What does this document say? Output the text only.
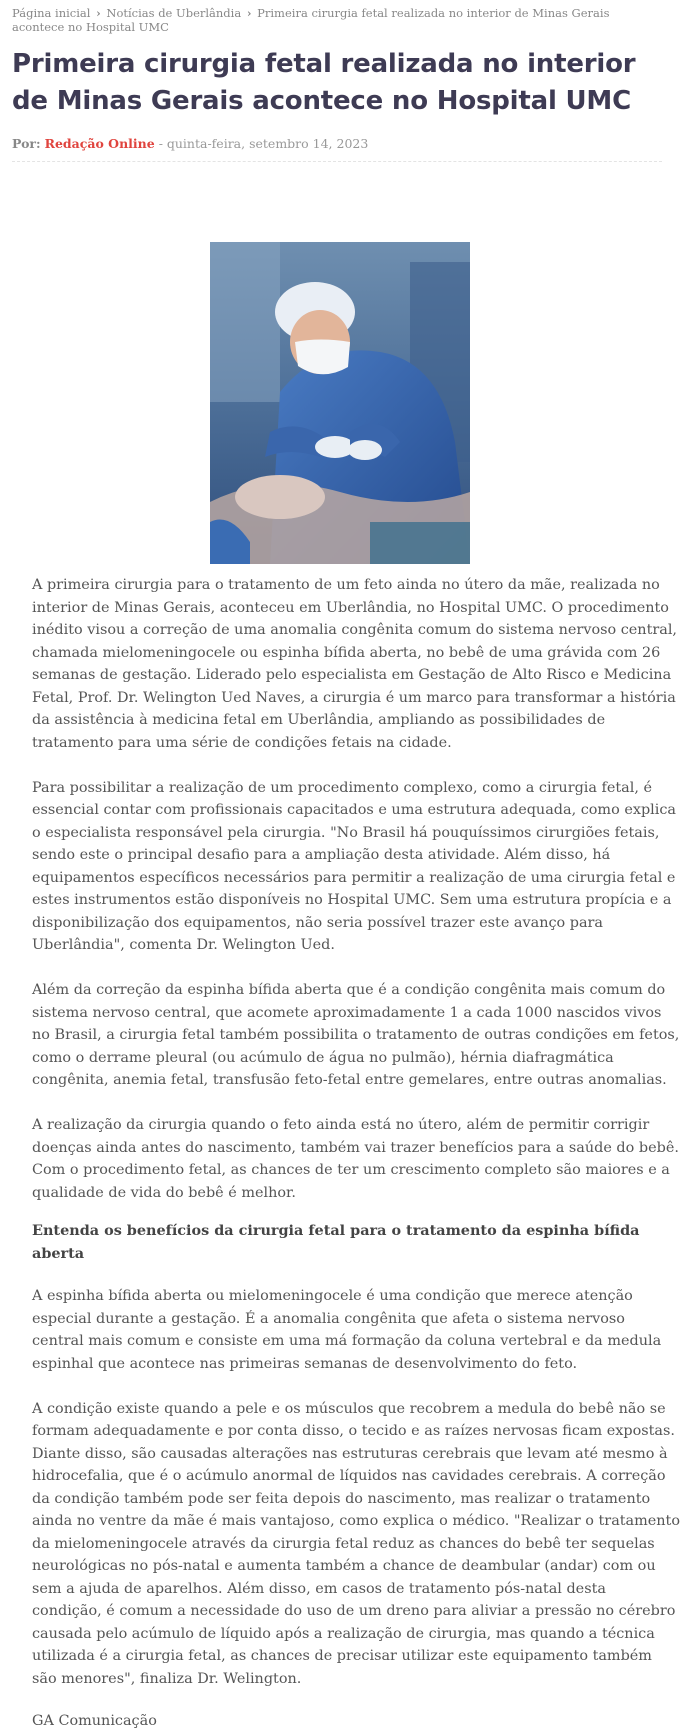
Página inicial › Notícias de Uberlândia › Primeira cirurgia fetal realizada no interior de Minas Gerais acontece no Hospital UMC
Primeira cirurgia fetal realizada no interior de Minas Gerais acontece no Hospital UMC
Por: Redação Online - quinta-feira, setembro 14, 2023

A primeira cirurgia para o tratamento de um feto ainda no útero da mãe, realizada no interior de Minas Gerais, aconteceu em Uberlândia, no Hospital UMC. O procedimento inédito visou a correção de uma anomalia congênita comum do sistema nervoso central, chamada mielomeningocele ou espinha bífida aberta, no bebê de uma grávida com 26 semanas de gestação. Liderado pelo especialista em Gestação de Alto Risco e Medicina Fetal, Prof. Dr. Welington Ued Naves, a cirurgia é um marco para transformar a história da assistência à medicina fetal em Uberlândia, ampliando as possibilidades de tratamento para uma série de condições fetais na cidade.

Para possibilitar a realização de um procedimento complexo, como a cirurgia fetal, é essencial contar com profissionais capacitados e uma estrutura adequada, como explica o especialista responsável pela cirurgia. "No Brasil há pouquíssimos cirurgiões fetais, sendo este o principal desafio para a ampliação desta atividade. Além disso, há equipamentos específicos necessários para permitir a realização de uma cirurgia fetal e estes instrumentos estão disponíveis no Hospital UMC. Sem uma estrutura propícia e a disponibilização dos equipamentos, não seria possível trazer este avanço para Uberlândia", comenta Dr. Welington Ued.

Além da correção da espinha bífida aberta que é a condição congênita mais comum do sistema nervoso central, que acomete aproximadamente 1 a cada 1000 nascidos vivos no Brasil, a cirurgia fetal também possibilita o tratamento de outras condições em fetos, como o derrame pleural (ou acúmulo de água no pulmão), hérnia diafragmática congênita, anemia fetal, transfusão feto-fetal entre gemelares, entre outras anomalias.

A realização da cirurgia quando o feto ainda está no útero, além de permitir corrigir doenças ainda antes do nascimento, também vai trazer benefícios para a saúde do bebê. Com o procedimento fetal, as chances de ter um crescimento completo são maiores e a qualidade de vida do bebê é melhor.

Entenda os benefícios da cirurgia fetal para o tratamento da espinha bífida aberta

A espinha bífida aberta ou mielomeningocele é uma condição que merece atenção especial durante a gestação. É a anomalia congênita que afeta o sistema nervoso central mais comum e consiste em uma má formação da coluna vertebral e da medula espinhal que acontece nas primeiras semanas de desenvolvimento do feto.

A condição existe quando a pele e os músculos que recobrem a medula do bebê não se formam adequadamente e por conta disso, o tecido e as raízes nervosas ficam expostas. Diante disso, são causadas alterações nas estruturas cerebrais que levam até mesmo à hidrocefalia, que é o acúmulo anormal de líquidos nas cavidades cerebrais. A correção da condição também pode ser feita depois do nascimento, mas realizar o tratamento ainda no ventre da mãe é mais vantajoso, como explica o médico. "Realizar o tratamento da mielomeningocele através da cirurgia fetal reduz as chances do bebê ter sequelas neurológicas no pós-natal e aumenta também a chance de deambular (andar) com ou sem a ajuda de aparelhos. Além disso, em casos de tratamento pós-natal desta condição, é comum a necessidade do uso de um dreno para aliviar a pressão no cérebro causada pelo acúmulo de líquido após a realização de cirurgia, mas quando a técnica utilizada é a cirurgia fetal, as chances de precisar utilizar este equipamento também são menores", finaliza Dr. Welington.

GA Comunicação
